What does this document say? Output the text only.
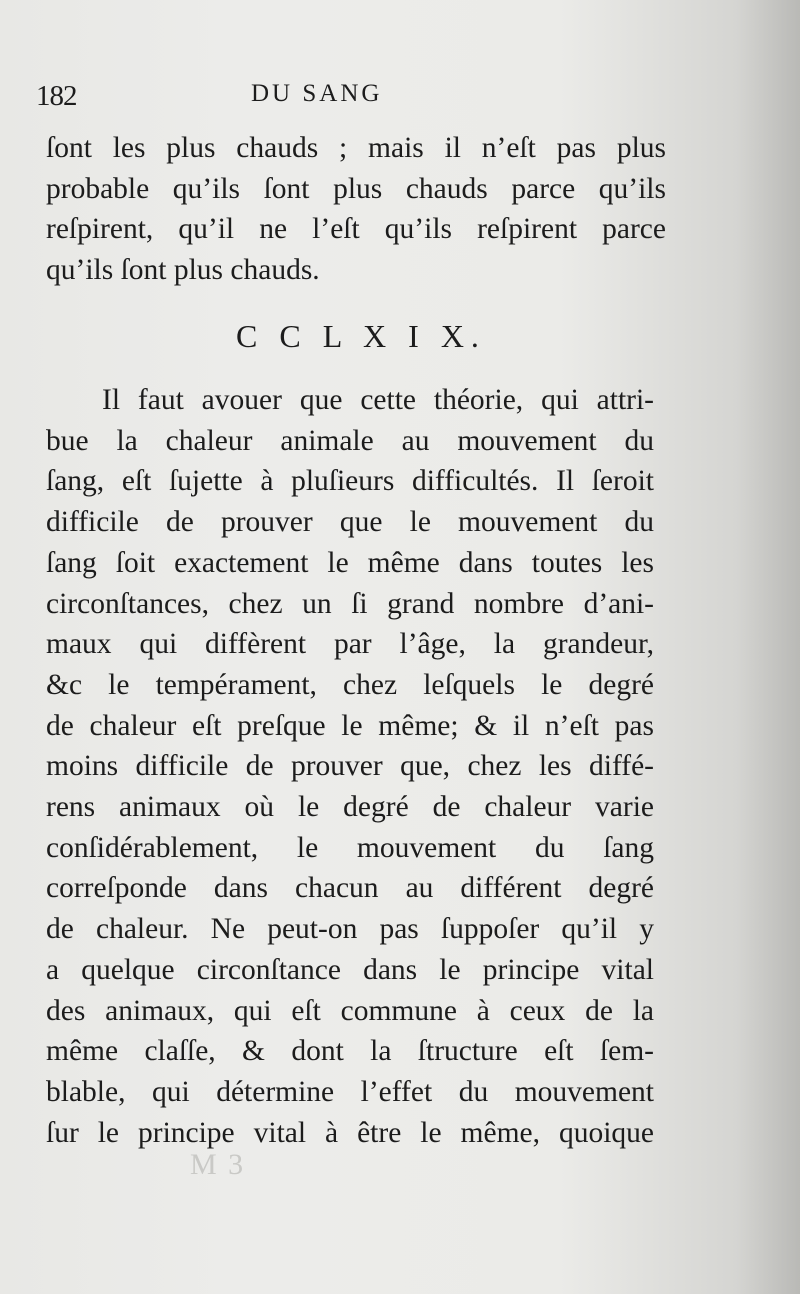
182	DU SANG
ſont les plus chauds ; mais il n’eſt pas plus
probable qu’ils ſont plus chauds parce qu’ils
reſpirent, qu’il ne l’eſt qu’ils reſpirent parce
qu’ils ſont plus chauds.
C C L X I X.
Il faut avouer que cette théorie, qui attri-
bue la chaleur animale au mouvement du
ſang, eſt ſujette à pluſieurs difficultés. Il ſeroit
difficile de prouver que le mouvement du
ſang ſoit exactement le même dans toutes les
circonſtances, chez un ſi grand nombre d’ani-
maux qui diffèrent par l’âge, la grandeur,
&c le tempérament, chez leſquels le degré
de chaleur eſt preſque le même; & il n’eſt pas
moins difficile de prouver que, chez les diffé-
rens animaux où le degré de chaleur varie
conſidérablement, le mouvement du ſang
correſponde dans chacun au différent degré
de chaleur. Ne peut-on pas ſuppoſer qu’il y
a quelque circonſtance dans le principe vital
des animaux, qui eſt commune à ceux de la
même claſſe, & dont la ſtructure eſt ſem-
blable, qui détermine l’effet du mouvement
ſur le principe vital à être le même, quoique
M 3
